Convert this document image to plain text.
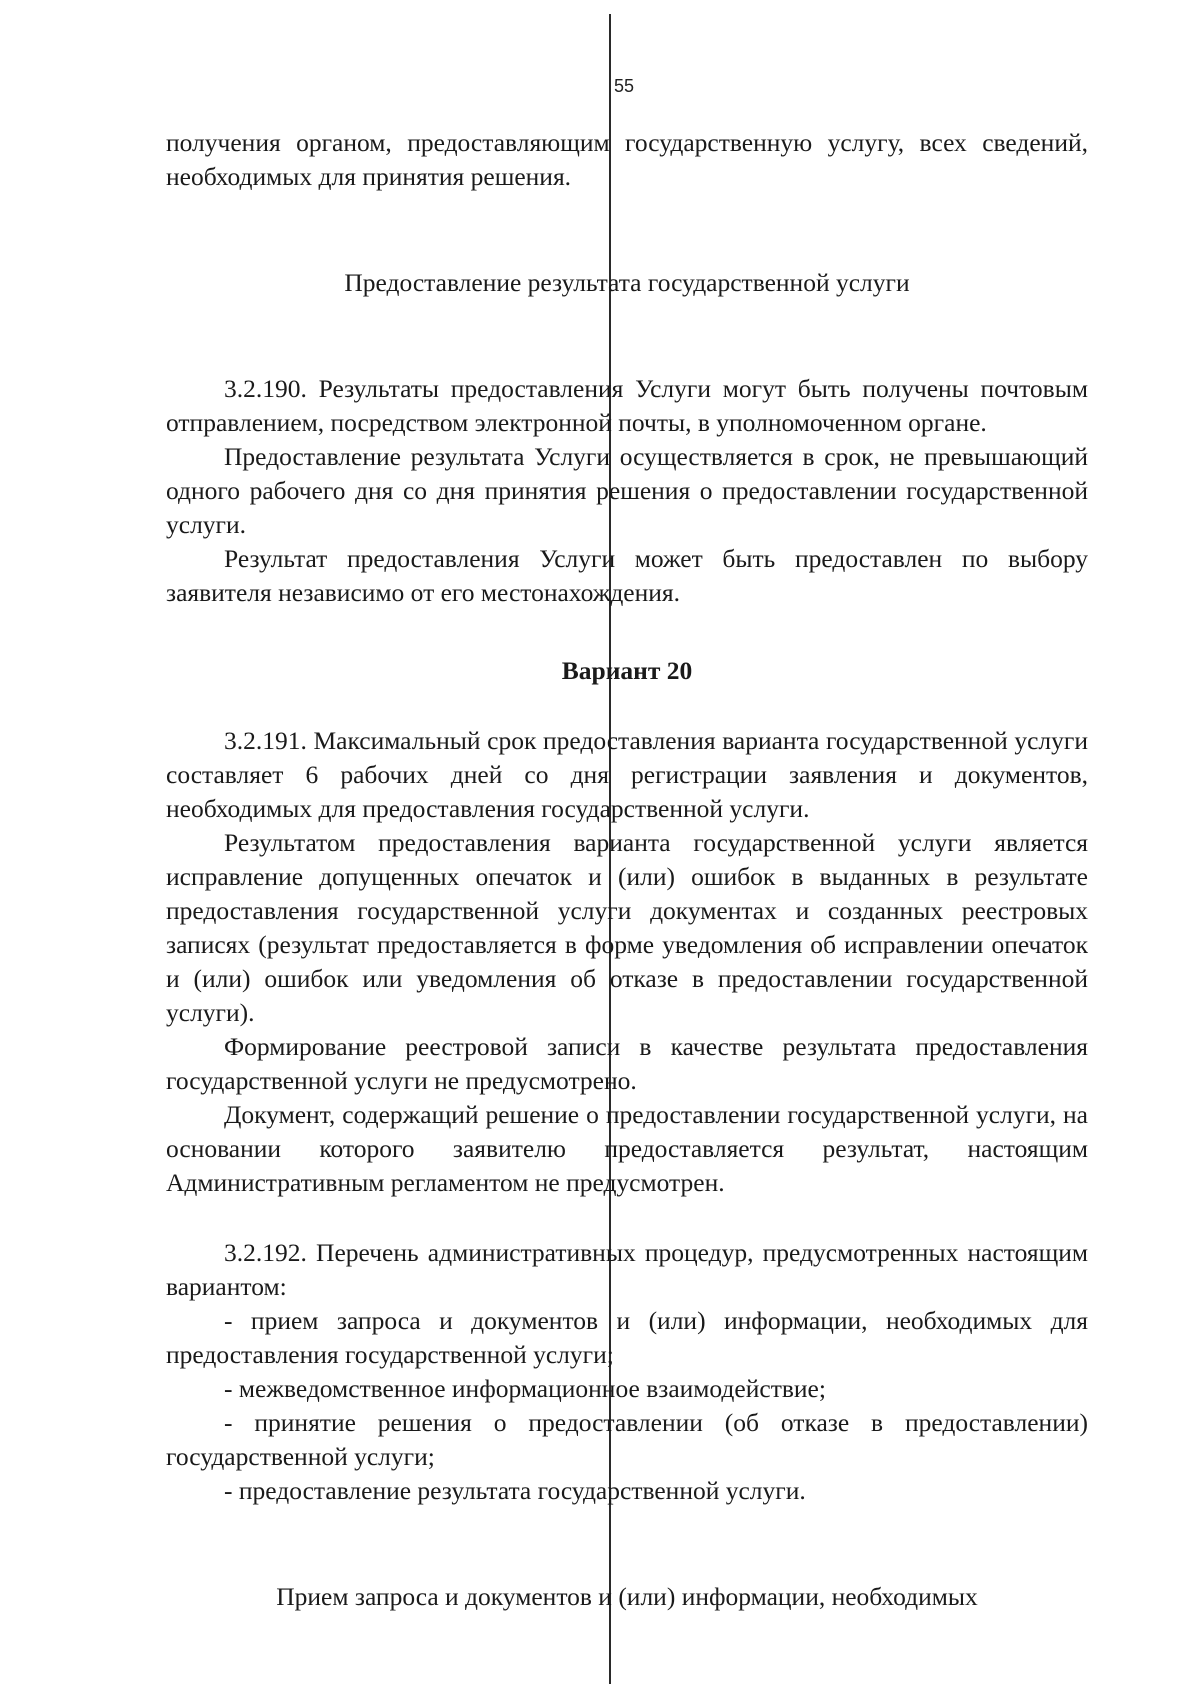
55

получения органом, предоставляющим государственную услугу, всех сведений, необходимых для принятия решения.

Предоставление результата государственной услуги

3.2.190. Результаты предоставления Услуги могут быть получены почтовым отправлением, посредством электронной почты, в уполномоченном органе.

Предоставление результата Услуги осуществляется в срок, не превышающий одного рабочего дня со дня принятия решения о предоставлении государственной услуги.

Результат предоставления Услуги может быть предоставлен по выбору заявителя независимо от его местонахождения.

Вариант 20

3.2.191. Максимальный срок предоставления варианта государственной услуги составляет 6 рабочих дней со дня регистрации заявления и документов, необходимых для предоставления государственной услуги.

Результатом предоставления варианта государственной услуги является исправление допущенных опечаток и (или) ошибок в выданных в результате предоставления государственной услуги документах и созданных реестровых записях (результат предоставляется в форме уведомления об исправлении опечаток и (или) ошибок или уведомления об отказе в предоставлении государственной услуги).

Формирование реестровой записи в качестве результата предоставления государственной услуги не предусмотрено.

Документ, содержащий решение о предоставлении государственной услуги, на основании которого заявителю предоставляется результат, настоящим Административным регламентом не предусмотрен.

3.2.192. Перечень административных процедур, предусмотренных настоящим вариантом:

- прием запроса и документов и (или) информации, необходимых для предоставления государственной услуги;

- межведомственное информационное взаимодействие;

- принятие решения о предоставлении (об отказе в предоставлении) государственной услуги;

- предоставление результата государственной услуги.

Прием запроса и документов и (или) информации, необходимых
